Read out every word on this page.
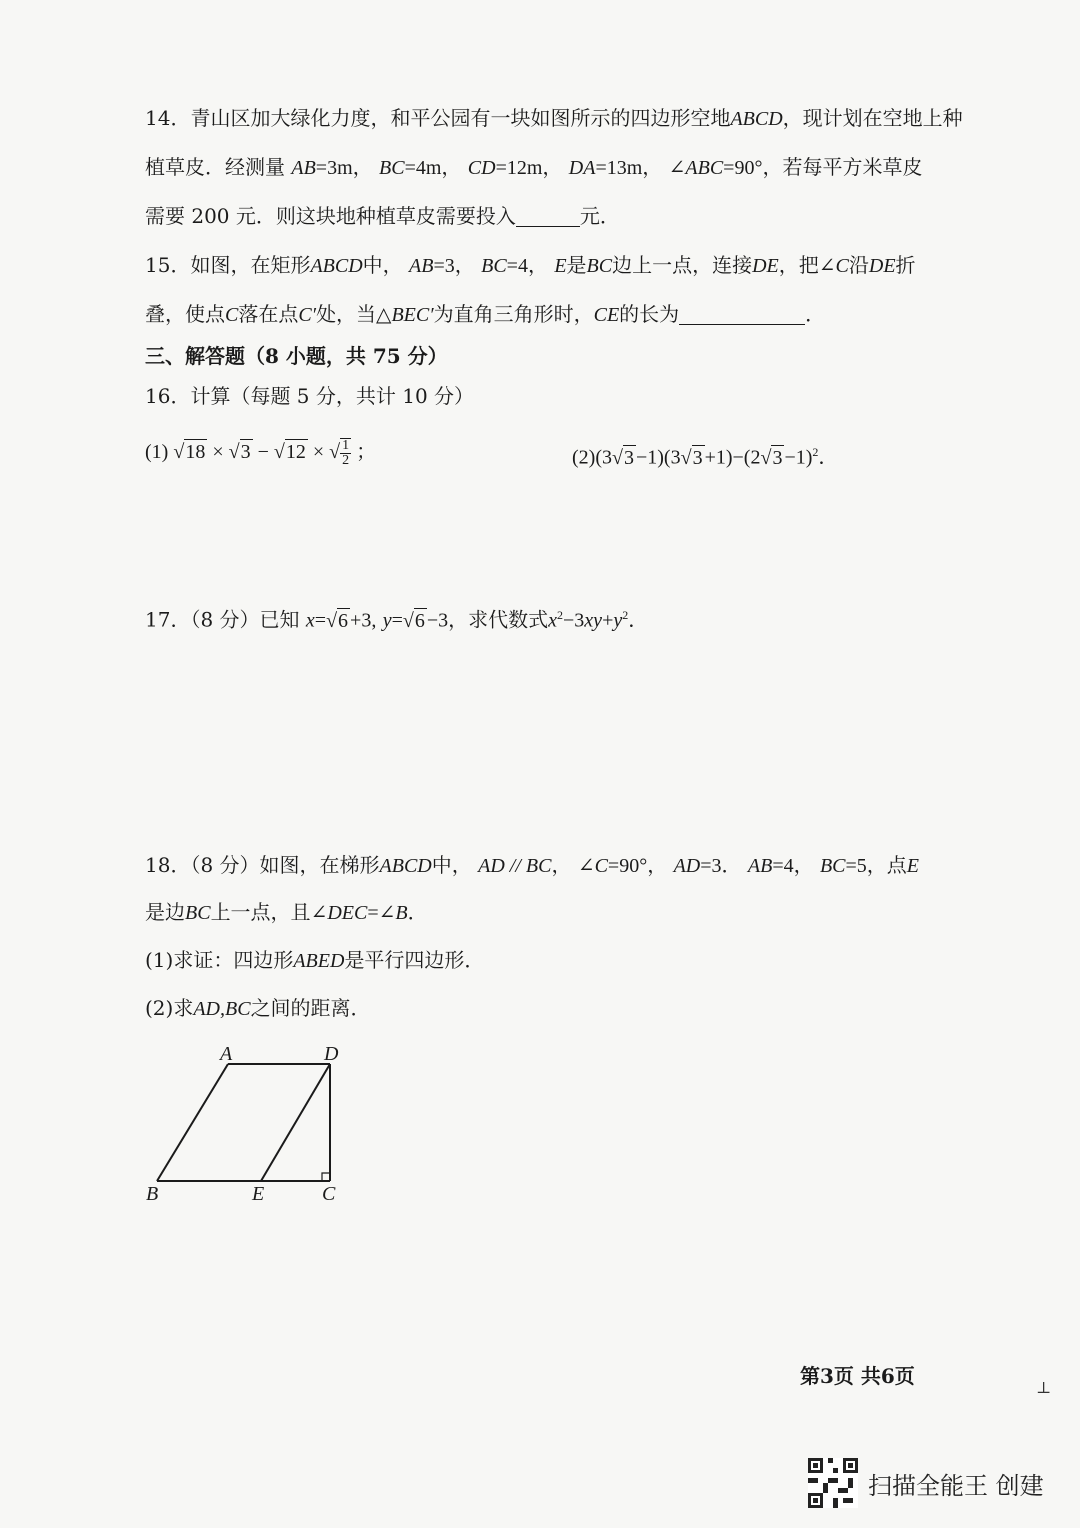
14．青山区加大绿化力度，和平公园有一块如图所示的四边形空地ABCD，现计划在空地上种
植草皮．经测量 AB=3m， BC=4m， CD=12m， DA=13m， ∠ABC=90°，若每平方米草皮
需要 200 元．则这块地种植草皮需要投入	元．
15．如图，在矩形ABCD中， AB=3， BC=4， E是BC边上一点，连接DE，把∠C沿DE折
叠，使点C落在点C′处，当△BEC′为直角三角形时，CE的长为	．
三、解答题（8 小题，共 75 分）
16．计算（每题 5 分，共计 10 分）
(1) √18 × √3 − √12 × √ $\frac{1}{2}$ ；	$(2)(3√3 -1)(3√3 +1)-(2√3 -1)^2$．
17．（8 分）已知 x=√6 +3, y=√6 −3，求代数式$x^2-3xy+y^2$．
18．（8 分）如图，在梯形ABCD中， AD // BC， ∠C=90°， AD=3． AB=4， BC=5，点E
是边BC上一点，且∠DEC=∠B．
(1)求证：四边形ABED是平行四边形．
(2)求AD,BC之间的距离．
A	D
B	E	C
第3页 共6页	⊥
扫描全能王 创建
